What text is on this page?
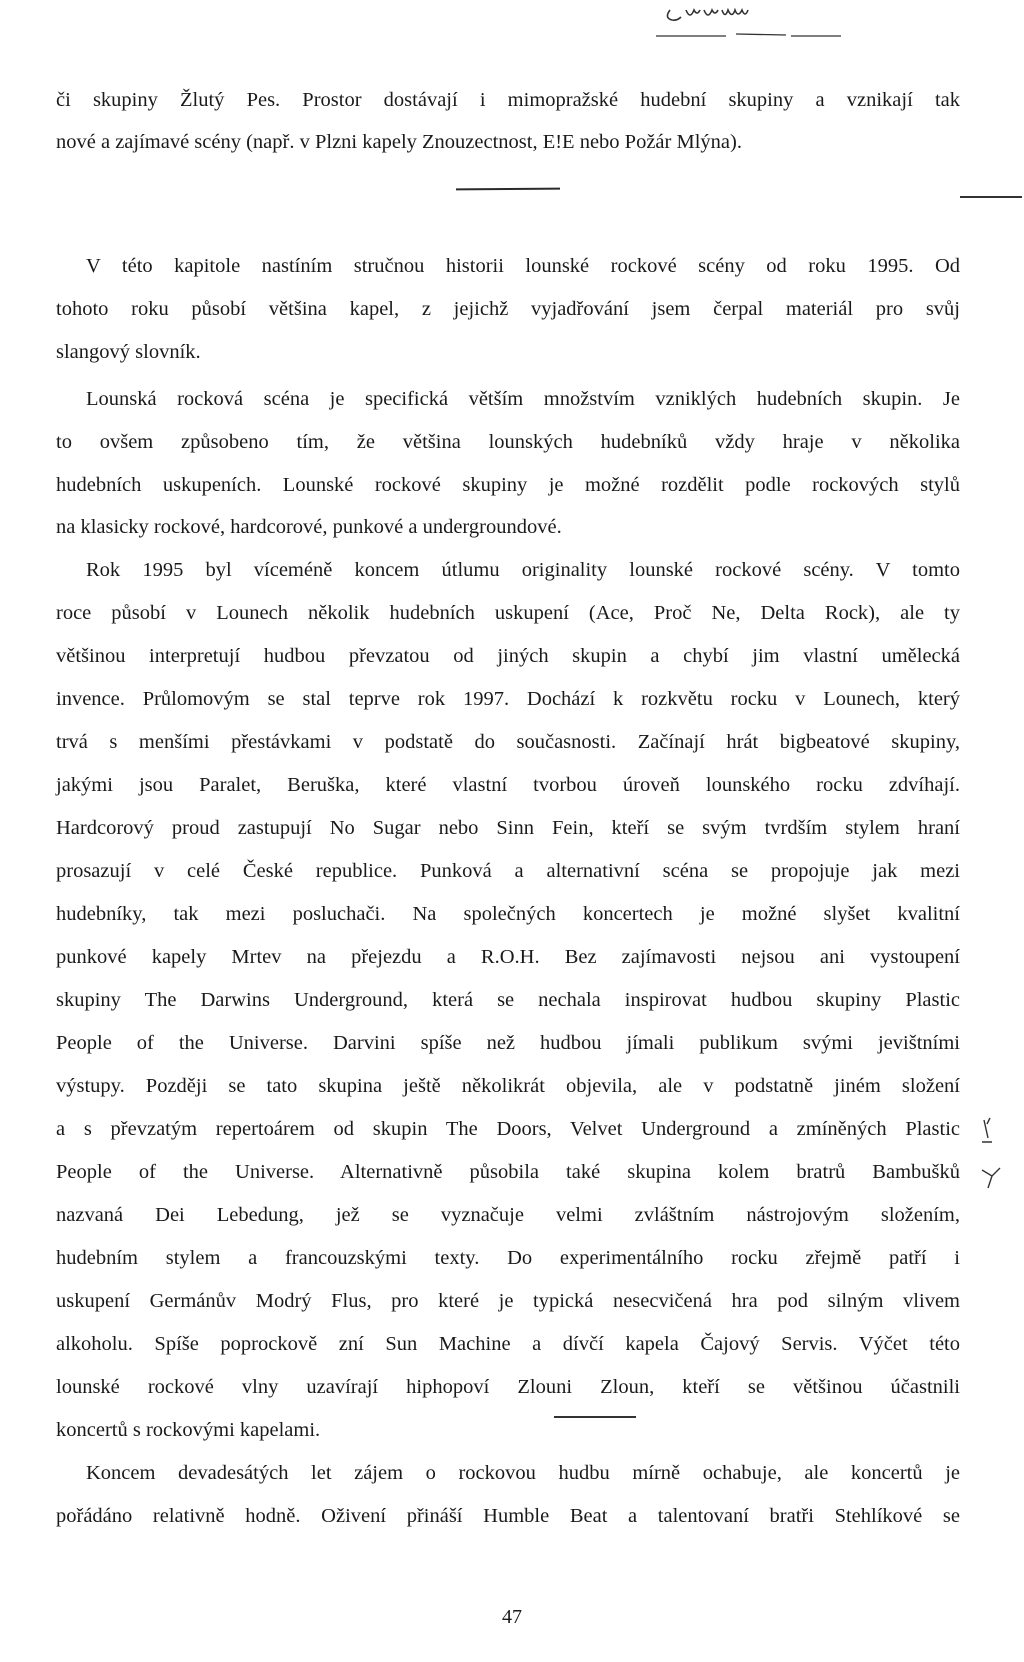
či skupiny Žlutý Pes. Prostor dostávají i mimopražské hudební skupiny a vznikají tak

nové a zajímavé scény (např. v Plzni kapely Znouzectnost, E!E nebo Požár Mlýna).

V této kapitole nastíním stručnou historii lounské rockové scény od roku 1995. Od

tohoto roku působí většina kapel, z jejichž vyjadřování jsem čerpal materiál pro svůj

slangový slovník.

Lounská rocková scéna je specifická větším množstvím vzniklých hudebních skupin. Je

to ovšem způsobeno tím, že většina lounských hudebníků vždy hraje v několika

hudebních uskupeních. Lounské rockové skupiny je možné rozdělit podle rockových stylů

na klasicky rockové, hardcorové, punkové a undergroundové.

Rok 1995 byl víceméně koncem útlumu originality lounské rockové scény. V tomto

roce působí v Lounech několik hudebních uskupení (Ace, Proč Ne, Delta Rock), ale ty

většinou interpretují hudbou převzatou od jiných skupin a chybí jim vlastní umělecká

invence. Průlomovým se stal teprve rok 1997. Dochází k rozkvětu rocku v Lounech, který

trvá s menšími přestávkami v podstatě do současnosti. Začínají hrát bigbeatové skupiny,

jakými jsou Paralet, Beruška, které vlastní tvorbou úroveň lounského rocku zdvíhají.

Hardcorový proud zastupují No Sugar nebo Sinn Fein, kteří se svým tvrdším stylem hraní

prosazují v celé České republice. Punková a alternativní scéna se propojuje jak mezi

hudebníky, tak mezi posluchači. Na společných koncertech je možné slyšet kvalitní

punkové kapely Mrtev na přejezdu a R.O.H. Bez zajímavosti nejsou ani vystoupení

skupiny The Darwins Underground, která se nechala inspirovat hudbou skupiny Plastic

People of the Universe. Darvini spíše než hudbou jímali publikum svými jevištními

výstupy. Později se tato skupina ještě několikrát objevila, ale v podstatně jiném složení

a s převzatým repertoárem od skupin The Doors, Velvet Underground a zmíněných Plastic

People of the Universe. Alternativně působila také skupina kolem bratrů Bambušků

nazvaná Dei Lebedung, jež se vyznačuje velmi zvláštním nástrojovým složením,

hudebním stylem a francouzskými texty. Do experimentálního rocku zřejmě patří i

uskupení Germánův Modrý Flus, pro které je typická nesecvičená hra pod silným vlivem

alkoholu. Spíše poprockově zní Sun Machine a dívčí kapela Čajový Servis. Výčet této

lounské rockové vlny uzavírají hiphopoví Zlouni Zloun, kteří se většinou účastnili

koncertů s rockovými kapelami.

Koncem devadesátých let zájem o rockovou hudbu mírně ochabuje, ale koncertů je

pořádáno relativně hodně. Oživení přináší Humble Beat a talentovaní bratři Stehlíkové se

47
